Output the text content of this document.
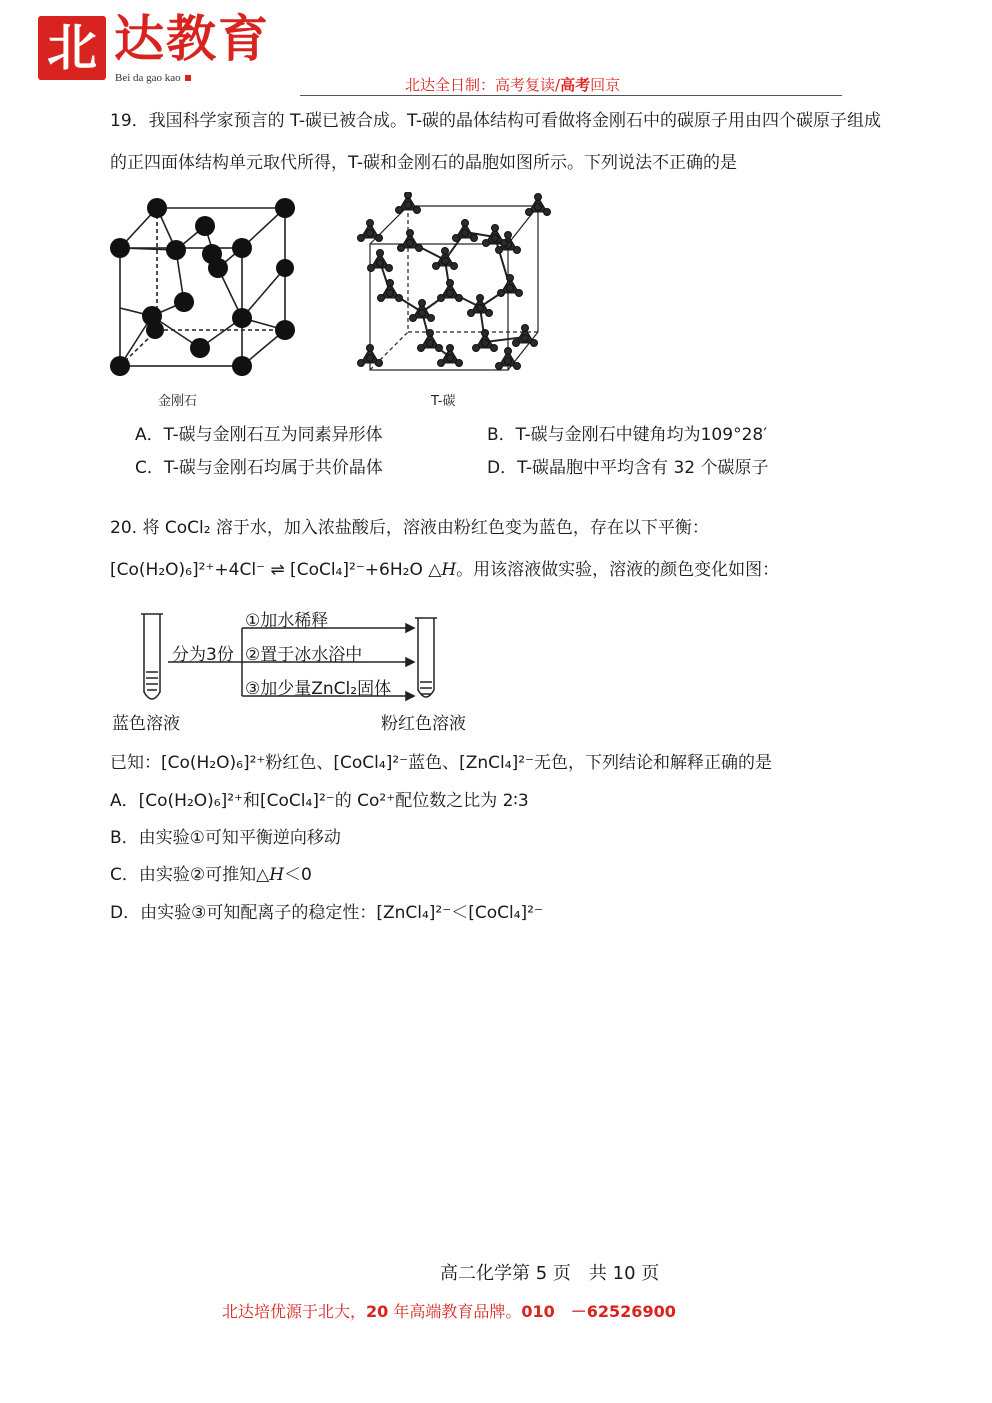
北 达教育
Bei da gao kao	北达全日制：高考复读/高考回京
19．我国科学家预言的 T-碳已被合成。T-碳的晶体结构可看做将金刚石中的碳原子用由四个碳原子组成
的正四面体结构单元取代所得，T-碳和金刚石的晶胞如图所示。下列说法不正确的是
金刚石	T-碳
A．T-碳与金刚石互为同素异形体	B．T-碳与金刚石中键角均为109°28′
C．T-碳与金刚石均属于共价晶体	D．T-碳晶胞中平均含有 32 个碳原子
20. 将 CoCl₂ 溶于水，加入浓盐酸后，溶液由粉红色变为蓝色，存在以下平衡：
[Co(H₂O)₆]²⁺+4Cl⁻ ⇌ [CoCl₄]²⁻+6H₂O △H。用该溶液做实验，溶液的颜色变化如图：
分为3份
①加水稀释
②置于冰水浴中
③加少量ZnCl₂固体
蓝色溶液	粉红色溶液
已知：[Co(H₂O)₆]²⁺粉红色、[CoCl₄]²⁻蓝色、[ZnCl₄]²⁻无色，下列结论和解释正确的是
A．[Co(H₂O)₆]²⁺和[CoCl₄]²⁻的 Co²⁺配位数之比为 2∶3
B．由实验①可知平衡逆向移动
C．由实验②可推知△H＜0
D．由实验③可知配离子的稳定性：[ZnCl₄]²⁻＜[CoCl₄]²⁻
高二化学第 5 页　共 10 页
北达培优源于北大，20 年高端教育品牌。010　－62526900
